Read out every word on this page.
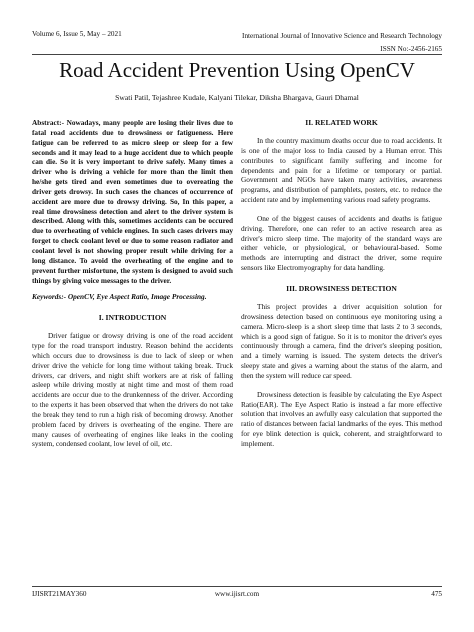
Volume 6, Issue 5, May – 2021	International Journal of Innovative Science and Research Technology
ISSN No:-2456-2165
Road Accident Prevention Using OpenCV
Swati Patil, Tejashree Kudale, Kalyani Tilekar, Diksha Bhargava, Gauri Dhamal

Abstract:- Nowadays, many people are losing their lives due to fatal road accidents due to drowsiness or fatigueness. Here fatigue can be referred to as micro sleep or sleep for a few seconds and it may lead to a huge accident due to which people can die. So it is very important to drive safely. Many times a driver who is driving a vehicle for more than the limit then he/she gets tired and even sometimes due to overeating the driver gets drowsy. In such cases the chances of occurrence of accident are more due to drowsy driving. So, In this paper, a real time drowsiness detection and alert to the driver system is described. Along with this, sometimes accidents can be occured due to overheating of vehicle engines. In such cases drivers may forget to check coolant level or due to some reason radiator and coolant level is not showing proper result while driving for a long distance. To avoid the overheating of the engine and to prevent further misfortune, the system is designed to avoid such things by giving voice messages to the driver.

Keywords:- OpenCV, Eye Aspect Ratio, Image Processing.

I. INTRODUCTION

Driver fatigue or drowsy driving is one of the road accident type for the road transport industry. Reason behind the accidents which occurs due to drowsiness is due to lack of sleep or when driver drive the vehicle for long time without taking break. Truck drivers, car drivers, and night shift workers are at risk of falling asleep while driving mostly at night time and most of them road accidents are occur due to the drunkenness of the driver. According to the experts it has been observed that when the drivers do not take the break they tend to run a high risk of becoming drowsy. Another problem faced by drivers is overheating of the engine. There are many causes of overheating of engines like leaks in the cooling system, condensed coolant, low level of oil, etc.

II. RELATED WORK

In the country maximum deaths occur due to road accidents. It is one of the major loss to India caused by a Human error. This contributes to significant family suffering and income for dependents and pain for a lifetime or temporary or partial. Government and NGOs have taken many activities, awareness programs, and distribution of pamphlets, posters, etc. to reduce the accident rate and by implementing various road safety programs.

One of the biggest causes of accidents and deaths is fatigue driving. Therefore, one can refer to an active research area as driver's micro sleep time. The majority of the standard ways are either vehicle, or physiological, or behavioural-based. Some methods are interrupting and distract the driver, some require sensors like Electromyography for data handling.

III. DROWSINESS DETECTION

This project provides a driver acquisition solution for drowsiness detection based on continuous eye monitoring using a camera. Micro-sleep is a short sleep time that lasts 2 to 3 seconds, which is a good sign of fatigue. So it is to monitor the driver's eyes continuously through a camera, find the driver's sleeping position, and a timely warning is issued. The system detects the driver's sleepy state and gives a warning about the status of the alarm, and then the system will reduce car speed.

Drowsiness detection is feasible by calculating the Eye Aspect Ratio(EAR). The Eye Aspect Ratio is instead a far more effective solution that involves an awfully easy calculation that supported the ratio of distances between facial landmarks of the eyes. This method for eye blink detection is quick, coherent, and straightforward to implement.

IJISRT21MAY360	www.ijisrt.com	475
